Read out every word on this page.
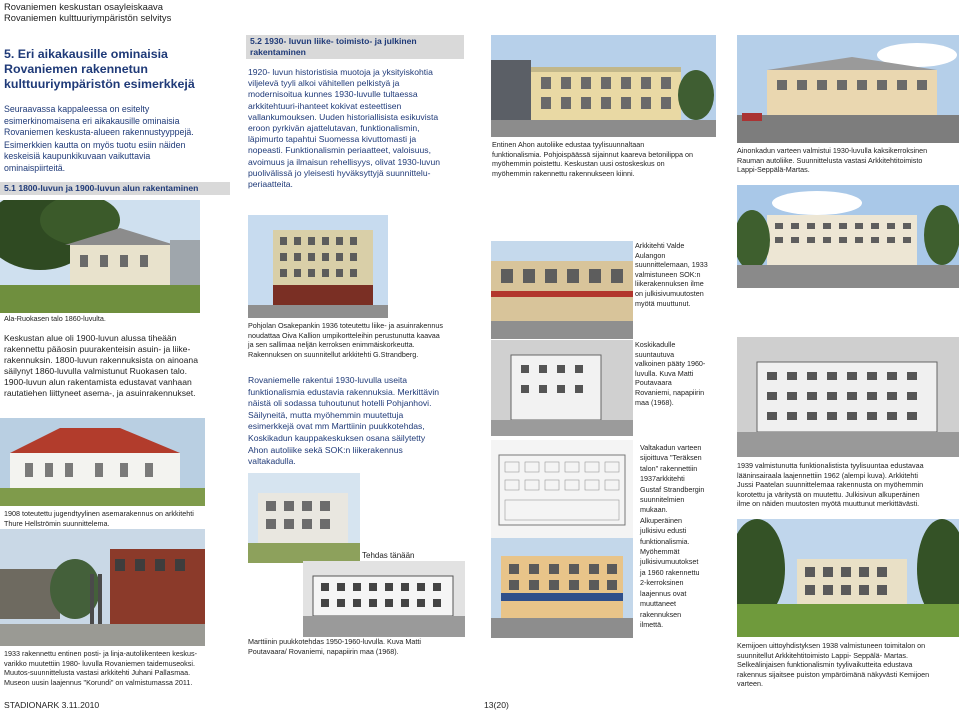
Rovaniemen keskustan osayleiskaava
Rovaniemen kulttuuriympäristön selvitys
5. Eri aikakausille ominaisia
Rovaniemen rakennetun
kulttuuriympäristön esimerkkejä
Seuraavassa kappaleessa on esitelty
esimerkinomaisena eri aikakausille ominaisia
Rovaniemen keskusta-alueen rakennustyyppejä.
Esimerkkien kautta on myös tuotu esiin näiden
keskeisiä kaupunkikuvaan vaikuttavia
ominaispiirteitä.
5.1 1800-luvun ja 1900-luvun alun rakentaminen
Ala-Ruokasen talo 1860-luvulta.
Keskustan alue oli 1900-luvun alussa tiheään
rakennettu pääosin puurakenteisin asuin- ja liike-
rakennuksin. 1800-luvun rakennuksista on ainoana
säilynyt 1860-luvulla valmistunut Ruokasen talo.
1900-luvun alun rakentamista edustavat vanhaan
rautatiehen liittyneet asema-, ja asuinrakennukset.
1908 toteutettu jugendtyylinen asemarakennus on arkkitehti
Thure Hellströmin suunnittelema.
1933 rakennettu entinen posti- ja linja-autoliikenteen keskus-
varikko muutettiin 1980- luvulla Rovaniemen taidemuseoksi.
Muutos-suunnittelusta vastasi arkkitehti Juhani Pallasmaa.
Museon uusin laajennus "Korundi" on valmistumassa 2011.
5.2 1930- luvun liike- toimisto- ja julkinen
rakentaminen
1920- luvun historistisia muotoja ja yksityiskohtia
viljelevä tyyli alkoi vähitellen pelkistyä ja
modernisoitua kunnes 1930-luvulle tultaessa
arkkitehtuuri-ihanteet kokivat esteettisen
vallankumouksen. Uuden historiallisista esikuvista
eroon pyrkivän ajattelutavan, funktionalismin,
läpimurto tapahtui Suomessa kivuttomasti ja
nopeasti. Funktionalismin periaatteet, valoisuus,
avoimuus ja ilmaisun rehellisyys, olivat 1930-luvun
puolivälissä jo yleisesti hyväksyttyjä suunnittelu-
periaatteita.
Pohjolan Osakepankin 1936 toteutettu liike- ja asuinrakennus
noudattaa Oiva Kallion umpikortteleihin perustunutta kaavaa
ja sen sallimaa neljän kerroksen enimmäiskorkeutta.
Rakennuksen on suunnitellut arkkitehti G.Strandberg.
Rovaniemelle rakentui 1930-luvulla useita
funktionalismia edustavia rakennuksia. Merkittävin
näistä oli sodassa tuhoutunut hotelli Pohjanhovi.
Säilyneitä, mutta myöhemmin muutettuja
esimerkkejä ovat mm Marttiinin puukkotehdas,
Koskikadun kauppakeskuksen osana säilytetty
Ahon autoliike sekä SOK:n liikerakennus
valtakadulla.
Tehdas tänään
Marttiinin puukkotehdas 1950-1960-luvulla. Kuva Matti
Poutavaara/ Rovaniemi, napapiirin maa (1968).
Entinen Ahon autoliike edustaa tyylisuunnaltaan
funktionalismia. Pohjoispäässä sijainnut kaareva betonilippa on
myöhemmin poistettu. Keskustan uusi ostoskeskus on
myöhemmin rakennettu rakennukseen kiinni.
Arkkitehti Valde
Aulangon
suunnittelemaan, 1933
valmistuneen SOK:n
liikerakennuksen ilme
on julkisivumuutosten
myötä muuttunut.
Koskikadulle
suuntautuva
valkoinen pääty 1960-
luvulla. Kuva Matti
Poutavaara
Rovaniemi, napapiirin
maa (1968).
Valtakadun varteen
sijoittuva "Teräksen
talon" rakennettiin
1937arkkitehti
Gustaf Strandbergin
suunnitelmien
mukaan.
Alkuperäinen
julkisivu edusti
funktionalismia.
Myöhemmät
julkisivumuutokset
ja 1960 rakennettu
2-kerroksinen
laajennus ovat
muuttaneet
rakennuksen
ilmettä.
Ainonkadun varteen valmistui 1930-luvulla kaksikerroksinen
Rauman autoliike. Suunnittelusta vastasi Arkkitehtitoimisto
Lappi-Seppälä-Martas.
1939 valmistunutta funktionalistista tyylisuuntaa edustavaa
lääninsairaala laajennettiin 1962 (alempi kuva). Arkkitehti
Jussi Paatelan suunnittelemaa rakennusta on myöhemmin
korotettu ja väritystä on muutettu. Julkisivun alkuperäinen
ilme on näiden muutosten myötä muuttunut merkittävästi.
Kemijoen uittoyhdistyksen 1938 valmistuneen toimitalon on
suunnitellut Arkkitehtitoimisto Lappi- Seppälä- Martas.
Selkeälinjaisen funktionalismin tyylivaikutteita edustava
rakennus sijaitsee puiston ympäröimänä näkyvästi Kemijoen
varteen.
STADIONARK 3.11.2010	13(20)
